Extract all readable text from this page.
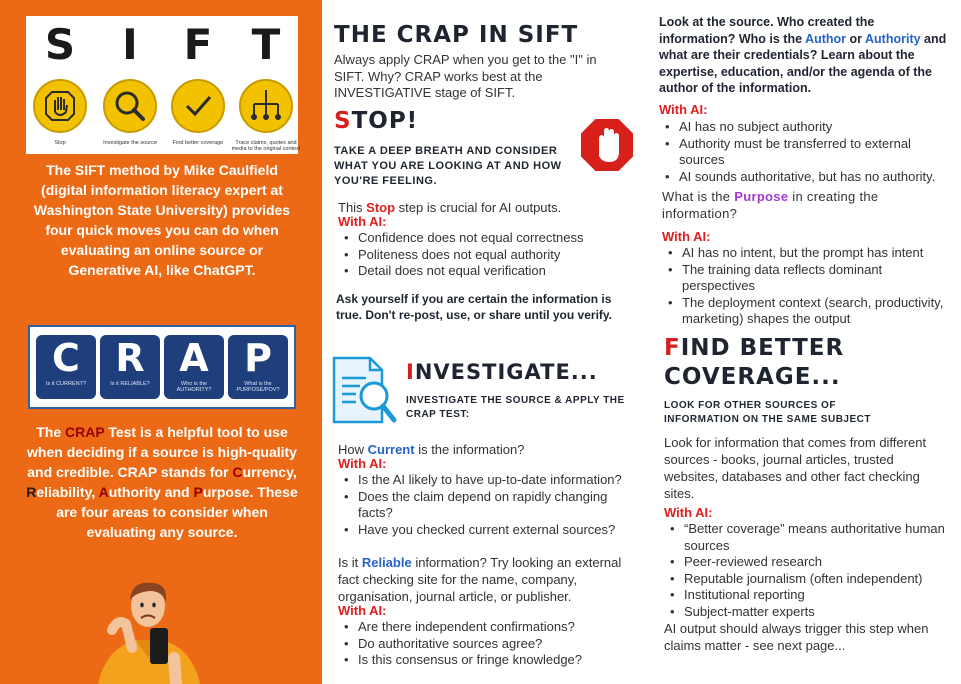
S	I	F T
Stop	Investigate the source	Find better coverage	Trace claims, quotes and media to the original context
The SIFT method by Mike Caulfield (digital information literacy expert at Washington State University) provides four quick moves you can do when evaluating an online source or Generative AI, like ChatGPT.
C
Is it CURRENT?
R
Is it RELIABLE?
A
Who is the AUTHORITY?
P
What is the PURPOSE/POV?
The CRAP Test is a helpful tool to use when deciding if a source is high-quality and credible. CRAP stands for Currency, Reliability, Authority and Purpose. These are four areas to consider when evaluating any source.
THE CRAP IN SIFT
Always apply CRAP when you get to the "I" in SIFT. Why? CRAP works best at the INVESTIGATIVE stage of SIFT.
STOP!
TAKE A DEEP BREATH AND CONSIDER WHAT YOU ARE LOOKING AT AND HOW YOU'RE FEELING.
This Stop step is crucial for AI outputs.
With AI:
• Confidence does not equal correctness
• Politeness does not equal authority
• Detail does not equal verification
Ask yourself if you are certain the information is true. Don't re-post, use, or share until you verify.
INVESTIGATE...
INVESTIGATE THE SOURCE & APPLY THE CRAP TEST:
How Current is the information?
With AI:
• Is the AI likely to have up-to-date information?
• Does the claim depend on rapidly changing facts?
• Have you checked current external sources?
Is it Reliable information? Try looking an external fact checking site for the name, company, organisation, journal article, or publisher.
With AI:
• Are there independent confirmations?
• Do authoritative sources agree?
• Is this consensus or fringe knowledge?
Look at the source. Who created the information? Who is the Author or Authority and what are their credentials? Learn about the expertise, education, and/or the agenda of the author of the information.
With AI:
• AI has no subject authority
• Authority must be transferred to external sources
• AI sounds authoritative, but has no authority.
What is the Purpose in creating the information?
With AI:
• AI has no intent, but the prompt has intent
• The training data reflects dominant perspectives
• The deployment context (search, productivity, marketing) shapes the output
FIND BETTER
COVERAGE...
LOOK FOR OTHER SOURCES OF INFORMATION ON THE SAME SUBJECT
Look for information that comes from different sources - books, journal articles, trusted websites, databases and other fact checking sites.
With AI:
• “Better coverage” means authoritative human sources
• Peer-reviewed research
• Reputable journalism (often independent)
• Institutional reporting
• Subject-matter experts
AI output should always trigger this step when claims matter - see next page...
